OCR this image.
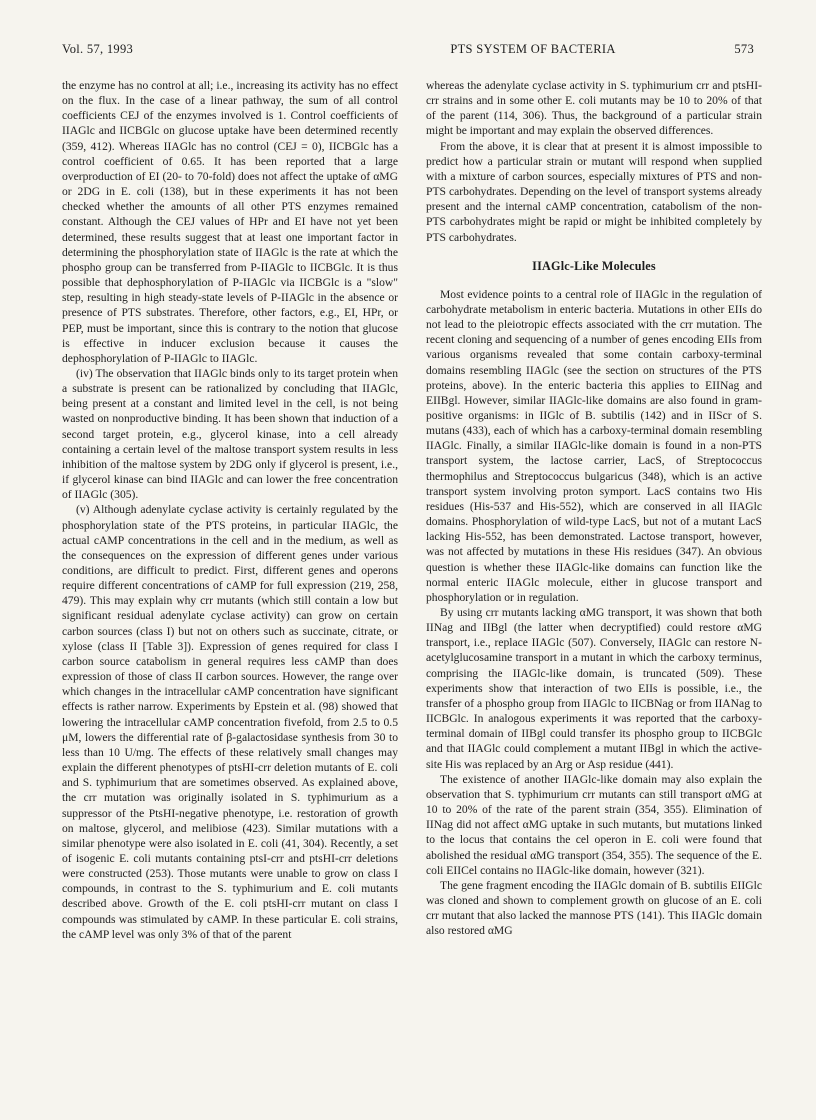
Vol. 57, 1993	PTS SYSTEM OF BACTERIA	573

the enzyme has no control at all; i.e., increasing its activity has no effect on the flux. In the case of a linear pathway, the sum of all control coefficients CEJ of the enzymes involved is 1. Control coefficients of IIAGlc and IICBGlc on glucose uptake have been determined recently (359, 412). Whereas IIAGlc has no control (CEJ = 0), IICBGlc has a control coefficient of 0.65. It has been reported that a large overproduction of EI (20- to 70-fold) does not affect the uptake of αMG or 2DG in E. coli (138), but in these experiments it has not been checked whether the amounts of all other PTS enzymes remained constant. Although the CEJ values of HPr and EI have not yet been determined, these results suggest that at least one important factor in determining the phosphorylation state of IIAGlc is the rate at which the phospho group can be transferred from P-IIAGlc to IICBGlc. It is thus possible that dephosphorylation of P-IIAGlc via IICBGlc is a "slow" step, resulting in high steady-state levels of P-IIAGlc in the absence or presence of PTS substrates. Therefore, other factors, e.g., EI, HPr, or PEP, must be important, since this is contrary to the notion that glucose is effective in inducer exclusion because it causes the dephosphorylation of P-IIAGlc to IIAGlc.

(iv) The observation that IIAGlc binds only to its target protein when a substrate is present can be rationalized by concluding that IIAGlc, being present at a constant and limited level in the cell, is not being wasted on nonproductive binding. It has been shown that induction of a second target protein, e.g., glycerol kinase, into a cell already containing a certain level of the maltose transport system results in less inhibition of the maltose system by 2DG only if glycerol is present, i.e., if glycerol kinase can bind IIAGlc and can lower the free concentration of IIAGlc (305).

(v) Although adenylate cyclase activity is certainly regulated by the phosphorylation state of the PTS proteins, in particular IIAGlc, the actual cAMP concentrations in the cell and in the medium, as well as the consequences on the expression of different genes under various conditions, are difficult to predict. First, different genes and operons require different concentrations of cAMP for full expression (219, 258, 479). This may explain why crr mutants (which still contain a low but significant residual adenylate cyclase activity) can grow on certain carbon sources (class I) but not on others such as succinate, citrate, or xylose (class II [Table 3]). Expression of genes required for class I carbon source catabolism in general requires less cAMP than does expression of those of class II carbon sources. However, the range over which changes in the intracellular cAMP concentration have significant effects is rather narrow. Experiments by Epstein et al. (98) showed that lowering the intracellular cAMP concentration fivefold, from 2.5 to 0.5 μM, lowers the differential rate of β-galactosidase synthesis from 30 to less than 10 U/mg. The effects of these relatively small changes may explain the different phenotypes of ptsHI-crr deletion mutants of E. coli and S. typhimurium that are sometimes observed. As explained above, the crr mutation was originally isolated in S. typhimurium as a suppressor of the PtsHI-negative phenotype, i.e. restoration of growth on maltose, glycerol, and melibiose (423). Similar mutations with a similar phenotype were also isolated in E. coli (41, 304). Recently, a set of isogenic E. coli mutants containing ptsI-crr and ptsHI-crr deletions were constructed (253). Those mutants were unable to grow on class I compounds, in contrast to the S. typhimurium and E. coli mutants described above. Growth of the E. coli ptsHI-crr mutant on class I compounds was stimulated by cAMP. In these particular E. coli strains, the cAMP level was only 3% of that of the parent

whereas the adenylate cyclase activity in S. typhimurium crr and ptsHI-crr strains and in some other E. coli mutants may be 10 to 20% of that of the parent (114, 306). Thus, the background of a particular strain might be important and may explain the observed differences.

From the above, it is clear that at present it is almost impossible to predict how a particular strain or mutant will respond when supplied with a mixture of carbon sources, especially mixtures of PTS and non-PTS carbohydrates. Depending on the level of transport systems already present and the internal cAMP concentration, catabolism of the non-PTS carbohydrates might be rapid or might be inhibited completely by PTS carbohydrates.

IIAGlc-Like Molecules

Most evidence points to a central role of IIAGlc in the regulation of carbohydrate metabolism in enteric bacteria. Mutations in other EIIs do not lead to the pleiotropic effects associated with the crr mutation. The recent cloning and sequencing of a number of genes encoding EIIs from various organisms revealed that some contain carboxy-terminal domains resembling IIAGlc (see the section on structures of the PTS proteins, above). In the enteric bacteria this applies to EIINag and EIIBgl. However, similar IIAGlc-like domains are also found in gram-positive organisms: in IIGlc of B. subtilis (142) and in IIScr of S. mutans (433), each of which has a carboxy-terminal domain resembling IIAGlc. Finally, a similar IIAGlc-like domain is found in a non-PTS transport system, the lactose carrier, LacS, of Streptococcus thermophilus and Streptococcus bulgaricus (348), which is an active transport system involving proton symport. LacS contains two His residues (His-537 and His-552), which are conserved in all IIAGlc domains. Phosphorylation of wild-type LacS, but not of a mutant LacS lacking His-552, has been demonstrated. Lactose transport, however, was not affected by mutations in these His residues (347). An obvious question is whether these IIAGlc-like domains can function like the normal enteric IIAGlc molecule, either in glucose transport and phosphorylation or in regulation.

By using crr mutants lacking αMG transport, it was shown that both IINag and IIBgl (the latter when decryptified) could restore αMG transport, i.e., replace IIAGlc (507). Conversely, IIAGlc can restore N-acetylglucosamine transport in a mutant in which the carboxy terminus, comprising the IIAGlc-like domain, is truncated (509). These experiments show that interaction of two EIIs is possible, i.e., the transfer of a phospho group from IIAGlc to IICBNag or from IIANag to IICBGlc. In analogous experiments it was reported that the carboxy-terminal domain of IIBgl could transfer its phospho group to IICBGlc and that IIAGlc could complement a mutant IIBgl in which the active-site His was replaced by an Arg or Asp residue (441).

The existence of another IIAGlc-like domain may also explain the observation that S. typhimurium crr mutants can still transport αMG at 10 to 20% of the rate of the parent strain (354, 355). Elimination of IINag did not affect αMG uptake in such mutants, but mutations linked to the locus that contains the cel operon in E. coli were found that abolished the residual αMG transport (354, 355). The sequence of the E. coli EIICel contains no IIAGlc-like domain, however (321).

The gene fragment encoding the IIAGlc domain of B. subtilis EIIGlc was cloned and shown to complement growth on glucose of an E. coli crr mutant that also lacked the mannose PTS (141). This IIAGlc domain also restored αMG
